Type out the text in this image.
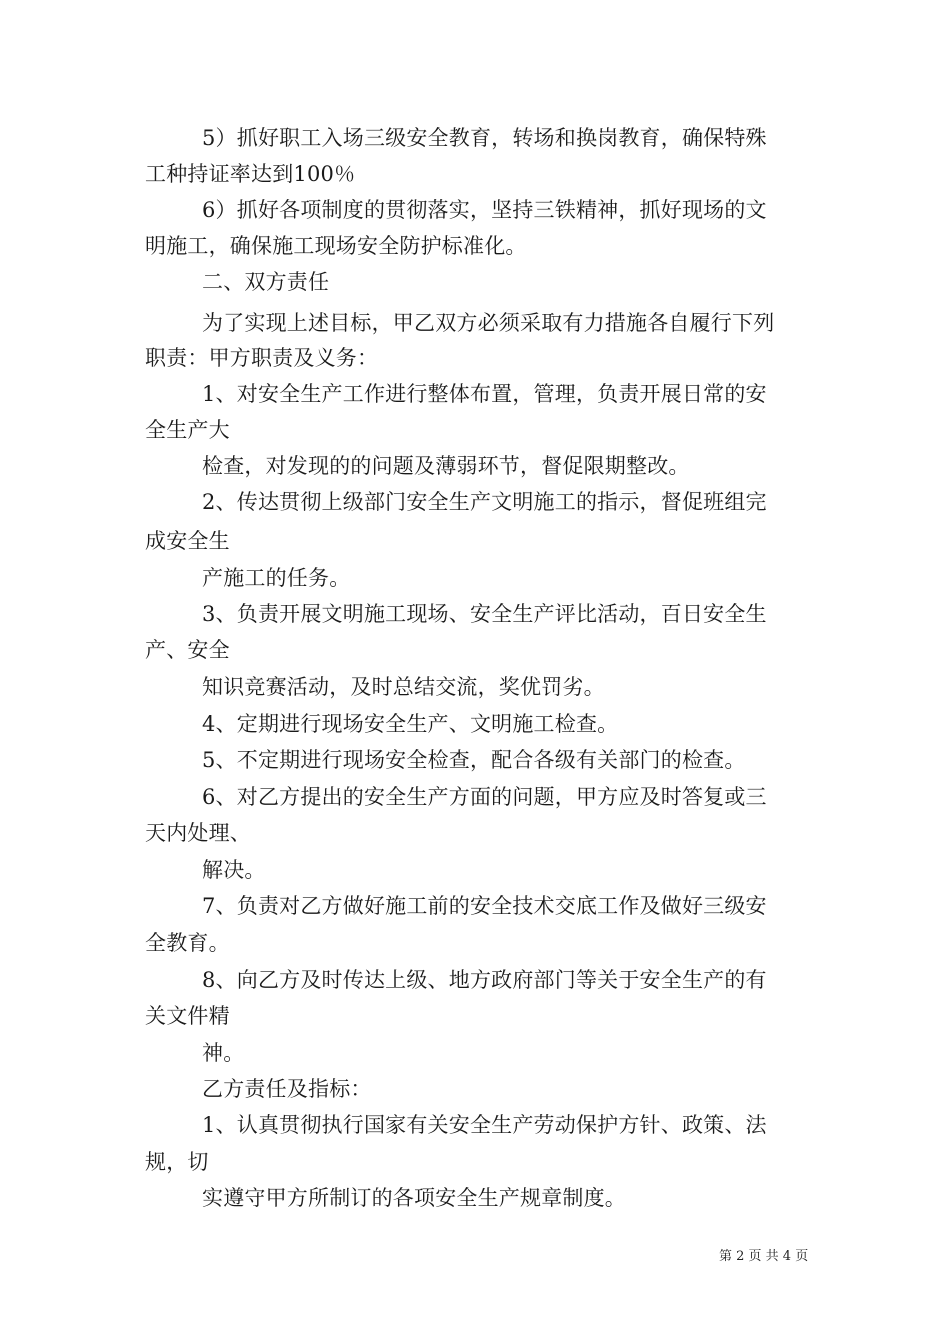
5）抓好职工入场三级安全教育，转场和换岗教育，确保特殊
工种持证率达到100％
6）抓好各项制度的贯彻落实，坚持三铁精神，抓好现场的文
明施工，确保施工现场安全防护标准化。
二、双方责任
为了实现上述目标，甲乙双方必须采取有力措施各自履行下列
职责：甲方职责及义务：
1、对安全生产工作进行整体布置，管理，负责开展日常的安
全生产大
检查，对发现的的问题及薄弱环节，督促限期整改。
2、传达贯彻上级部门安全生产文明施工的指示，督促班组完
成安全生
产施工的任务。
3、负责开展文明施工现场、安全生产评比活动，百日安全生
产、安全
知识竞赛活动，及时总结交流，奖优罚劣。
4、定期进行现场安全生产、文明施工检查。
5、不定期进行现场安全检查，配合各级有关部门的检查。
6、对乙方提出的安全生产方面的问题，甲方应及时答复或三
天内处理、
解决。
7、负责对乙方做好施工前的安全技术交底工作及做好三级安
全教育。
8、向乙方及时传达上级、地方政府部门等关于安全生产的有
关文件精
神。
乙方责任及指标：
1、认真贯彻执行国家有关安全生产劳动保护方针、政策、法
规，切
实遵守甲方所制订的各项安全生产规章制度。
第 2 页 共 4 页
